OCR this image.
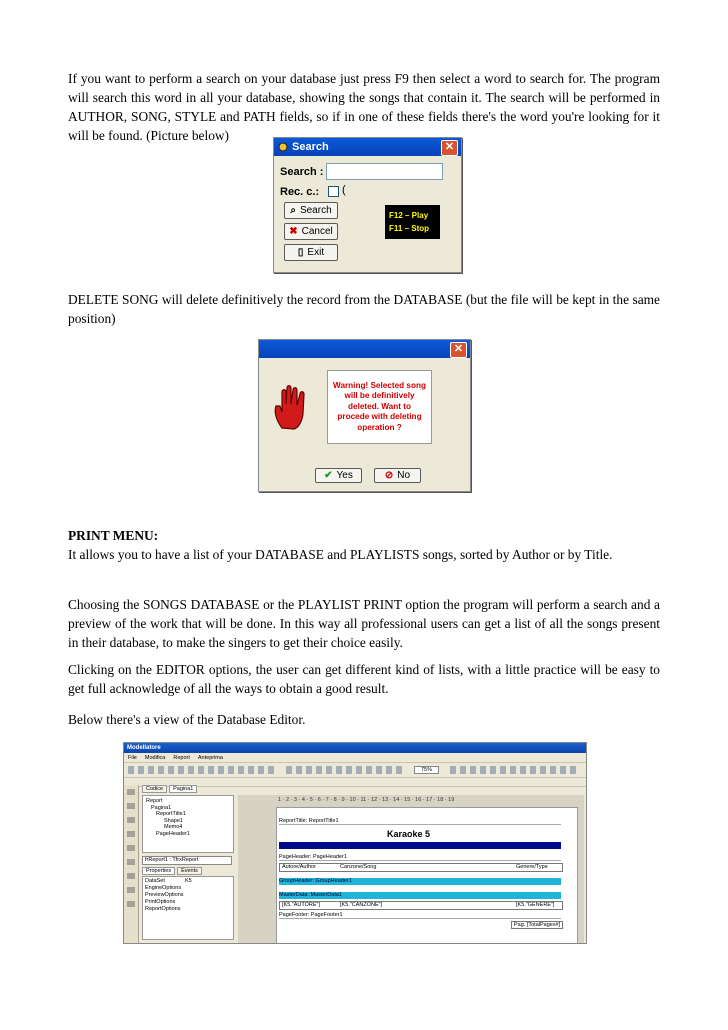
If you want to perform a search on your database just press F9 then select a word to search for. The program will search this word in all your database, showing the songs that contain it. The search will be performed in AUTHOR, SONG, STYLE and PATH fields, so if in one of these fields there's the word you're looking for it will be found. (Picture below)
Search	✕
Search :
Rec. c.: (
⌕ Search
✖ Cancel
▯ Exit
F12 – Play
F11 – Stop
DELETE SONG will delete definitively the record from the DATABASE (but the file will be kept in the same position)
✕
Warning! Selected song will be definitively deleted. Want to procede with deleting operation ?
✔ Yes	⊘ No
PRINT MENU:
It allows you to have a list of your DATABASE and PLAYLISTS songs, sorted by Author or by Title.
Choosing the SONGS DATABASE or the PLAYLIST PRINT option the program will perform a search and a preview of the work that will be done. In this way all professional users can get a list of all the songs present in their database, to make the singers to get their choice easily.
Clicking on the EDITOR options, the user can get different kind of lists, with a little practice will be easy to get full acknowledge of all the ways to obtain a good result.
Below there's a view of the Database Editor.
Modellatore
File Modifica Report Anteprima
75%
Codice	Pagina1
Report
Pagina1
ReportTitle1
Shape1
Memo4
PageHeader1
frReport1 : TfrxReport
Properties	Events
DataSet	K5
EngineOptions
PreviewOptions
PrintOptions
ReportOptions
1 · 2 · 3 · 4 · 5 · 6 · 7 · 8 · 9 · 10 · 11 · 12 · 13 · 14 · 15 · 16 · 17 · 18 · 19
ReportTitle: ReportTitle1
Karaoke 5
PageHeader: PageHeader1
Autore/Author	Canzone/Song	Genere/Type
GroupHeader: GroupHeader1
MasterData: MasterData1
[K5."AUTORE"]	[K5."CANZONE"]	[K5."GENERE"]
PageFooter: PageFooter1
Pag. [TotalPages#]
